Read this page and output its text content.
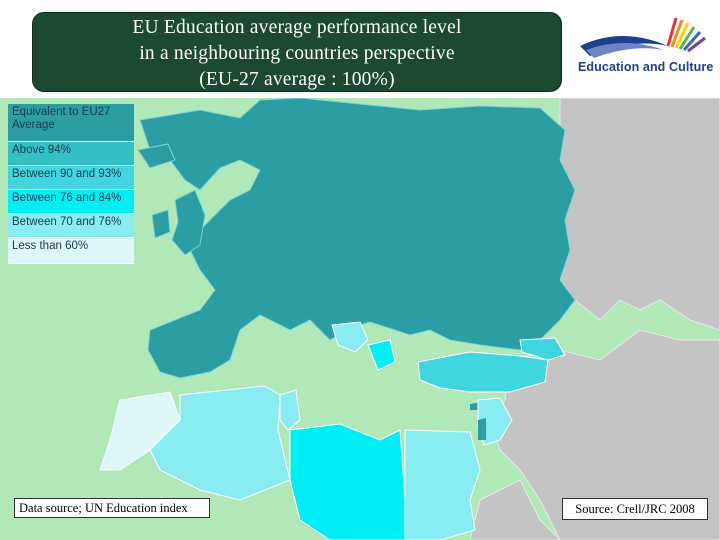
EU Education average performance level
in a neighbouring countries perspective
(EU-27 average : 100%)
Education and Culture
Equivalent to EU27 Average
Above 94%
Between 90 and 93%
Between 76 and 84%
Between 70 and 76%
Less than 60%
Data source; UN Education index	Source: Crell/JRC 2008
